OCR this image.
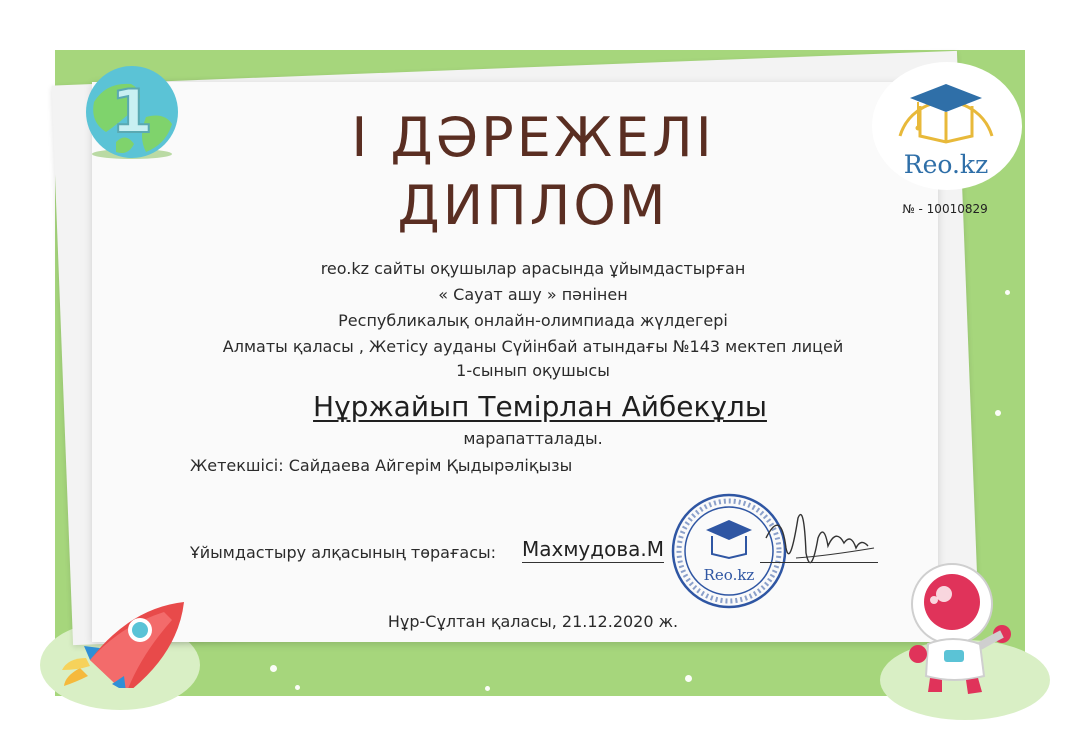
1
Reo.kz
№ - 10010829
І ДӘРЕЖЕЛІ
ДИПЛОМ
reo.kz сайты оқушылар арасында ұйымдастырған
« Сауат ашу » пәнінен
Республикалық онлайн-олимпиада жүлдегері
Алматы қаласы , Жетісу ауданы Сүйінбай атындағы №143 мектеп лицей
1-сынып оқушысы
Нұржайып Темірлан Айбекұлы
марапатталады.
Жетекшісі: Сайдаева Айгерім Қыдырәліқызы
Ұйымдастыру алқасының төрағасы: Махмудова.М
Reo.kz
Нұр-Сұлтан қаласы, 21.12.2020 ж.
